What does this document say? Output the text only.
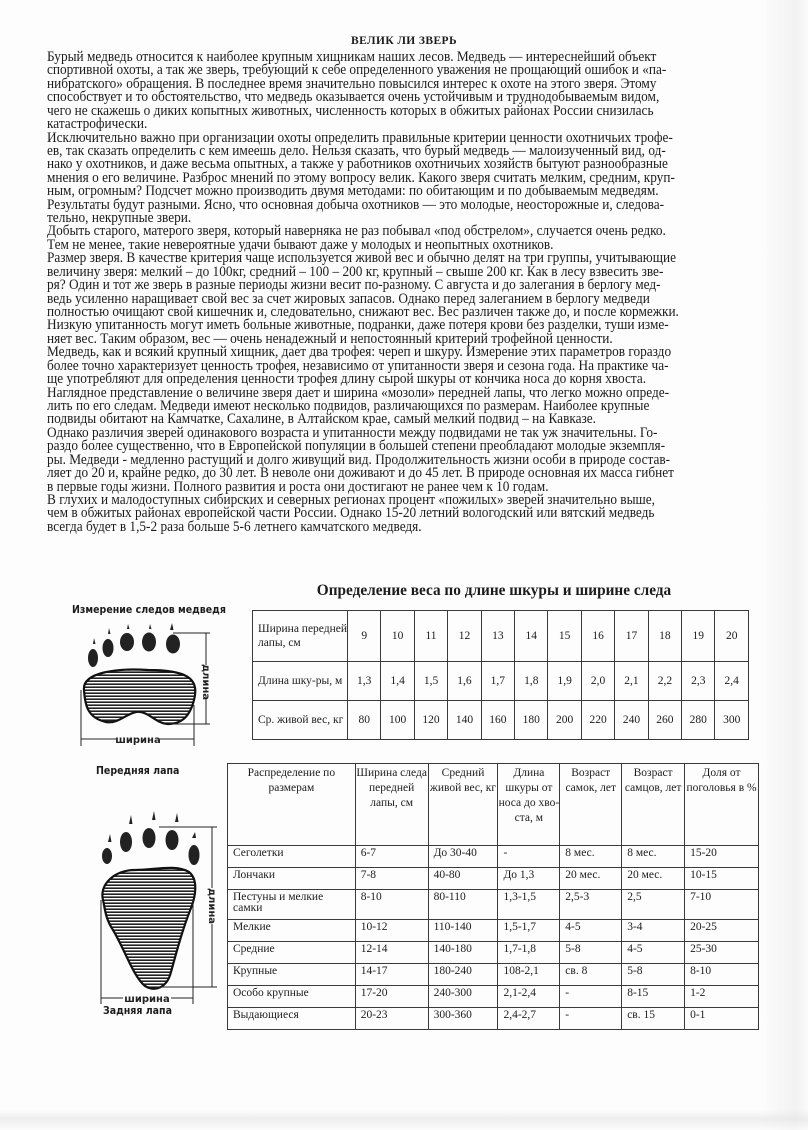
ВЕЛИК ЛИ ЗВЕРЬ
Бурый медведь относится к наиболее крупным хищникам наших лесов. Медведь — интереснейший объект
спортивной охоты, а так же зверь, требующий к себе определенного уважения не прощающий ошибок и «па-
нибратского» обращения. В последнее время значительно повысился интерес к охоте на этого зверя. Этому
способствует и то обстоятельство, что медведь оказывается очень устойчивым и труднодобываемым видом,
чего не скажешь о диких копытных животных, численность которых в обжитых районах России снизилась
катастрофически.
Исключительно важно при организации охоты определить правильные критерии ценности охотничьих трофе-
ев, так сказать определить с кем имеешь дело. Нельзя сказать, что бурый медведь — малоизученный вид, од-
нако у охотников, и даже весьма опытных, а также у работников охотничьих хозяйств бытуют разнообразные
мнения о его величине. Разброс мнений по этому вопросу велик. Какого зверя считать мелким, средним, круп-
ным, огромным? Подсчет можно производить двумя методами: по обитающим и по добываемым медведям.
Результаты будут разными. Ясно, что основная добыча охотников — это молодые, неосторожные и, следова-
тельно, некрупные звери.
Добыть старого, матерого зверя, который наверняка не раз побывал «под обстрелом», случается очень редко.
Тем не менее, такие невероятные удачи бывают даже у молодых и неопытных охотников.
Размер зверя. В качестве критерия чаще используется живой вес и обычно делят на три группы, учитывающие
величину зверя: мелкий – до 100кг, средний – 100 – 200 кг, крупный – свыше 200 кг. Как в лесу взвесить зве-
ря? Один и тот же зверь в разные периоды жизни весит по-разному. С августа и до залегания в берлогу мед-
ведь усиленно наращивает свой вес за счет жировых запасов. Однако перед залеганием в берлогу медведи
полностью очищают свой кишечник и, следовательно, снижают вес. Вес различен также до, и после кормежки.
Низкую упитанность могут иметь больные животные, подранки, даже потеря крови без разделки, туши изме-
няет вес. Таким образом, вес — очень ненадежный и непостоянный критерий трофейной ценности.
Медведь, как и всякий крупный хищник, дает два трофея: череп и шкуру. Измерение этих параметров гораздо
более точно характеризует ценность трофея, независимо от упитанности зверя и сезона года. На практике ча-
ще употребляют для определения ценности трофея длину сырой шкуры от кончика носа до корня хвоста.
Наглядное представление о величине зверя дает и ширина «мозоли» передней лапы, что легко можно опреде-
лить по его следам. Медведи имеют несколько подвидов, различающихся по размерам. Наиболее крупные
подвиды обитают на Камчатке, Сахалине, в Алтайском крае, самый мелкий подвид – на Кавказе.
Однако различия зверей одинакового возраста и упитанности между подвидами не так уж значительны. Го-
раздо более существенно, что в Европейской популяции в большей степени преобладают молодые экземпля-
ры. Медведи - медленно растущий и долго живущий вид. Продолжительность жизни особи в природе состав-
ляет до 20 и, крайне редко, до 30 лет. В неволе они доживают и до 45 лет. В природе основная их масса гибнет
в первые годы жизни. Полного развития и роста они достигают не ранее чем к 10 годам.
В глухих и малодоступных сибирских и северных регионах процент «пожилых» зверей значительно выше,
чем в обжитых районах европейской части России. Однако 15-20 летний вологодский или вятский медведь
всегда будет в 1,5-2 раза больше 5-6 летнего камчатского медведя.
Определение веса по длине шкуры и ширине следа
Измерение следов медведя
длина
ширина
Передняя лапа
длина
ширина
Задняя лапа
Ширина передней лапы, см	9	10	11	12	13	14	15	16	17	18	19	20
Длина шку-ры, м	1,3	1,4	1,5	1,6	1,7	1,8	1,9	2,0	2,1	2,2	2,3	2,4
Ср. живой вес, кг	80	100	120	140	160	180	200	220	240	260	280	300
Распределение по размерам	Ширина следа передней лапы, см	Средний живой вес, кг	Длина шкуры от носа до хво-ста, м	Возраст самок, лет	Возраст самцов, лет	Доля от поголовья в %
Сеголетки	6-7	До 30-40	-	8 мес.	8 мес.	15-20
Лончаки	7-8	40-80	До 1,3	20 мес.	20 мес.	10-15
Пестуны и мелкие самки	8-10	80-110	1,3-1,5	2,5-3	2,5	7-10
Мелкие	10-12	110-140	1,5-1,7	4-5	3-4	20-25
Средние	12-14	140-180	1,7-1,8	5-8	4-5	25-30
Крупные	14-17	180-240	108-2,1	св. 8	5-8	8-10
Особо крупные	17-20	240-300	2,1-2,4	-	8-15	1-2
Выдающиеся	20-23	300-360	2,4-2,7	-	св. 15	0-1
